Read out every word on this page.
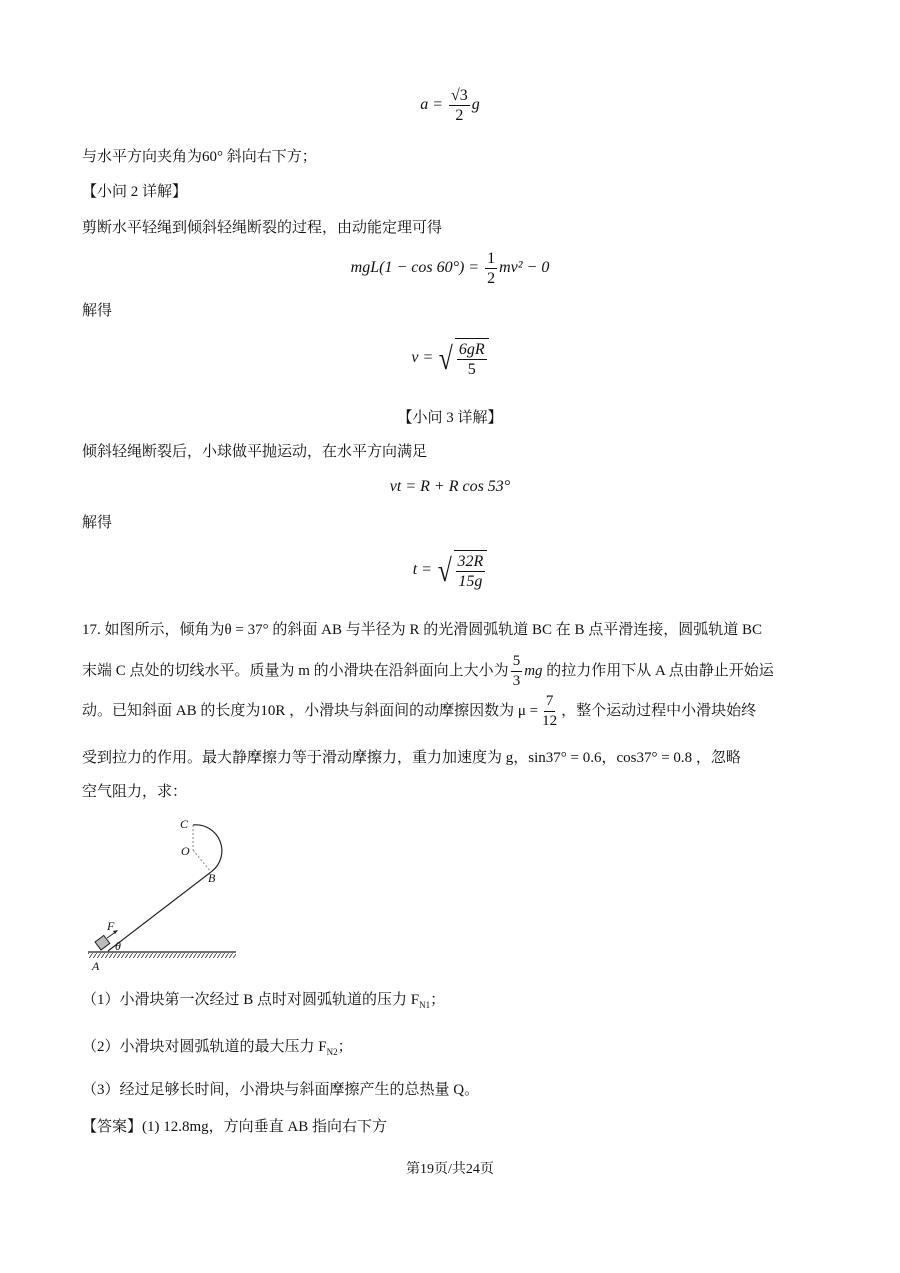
$a = \frac{√3}{2}$ g
与水平方向夹角为60° 斜向右下方；
【小问 2 详解】
剪断水平轻绳到倾斜轻绳断裂的过程，由动能定理可得
$mgL(1 - \cos 60^\circ) = \frac{1}{2} mv^2 - 0$
解得
v = √ $\frac{6gR}{5}$
【小问 3 详解】
倾斜轻绳断裂后，小球做平抛运动，在水平方向满足
vt = R + R cos 53°
解得
t = √ $\frac{32R}{15g}$
17. 如图所示，倾角为θ = 37° 的斜面 AB 与半径为 R 的光滑圆弧轨道 BC 在 B 点平滑连接，圆弧轨道 BC
末端 C 点处的切线水平。质量为 m 的小滑块在沿斜面向上大小为 $\frac{5}{3}$ mg 的拉力作用下从 A 点由静止开始运
动。已知斜面 AB 的长度为10R ，小滑块与斜面间的动摩擦因数为 $\mu = \frac{7}{12}$ ，整个运动过程中小滑块始终
受到拉力的作用。最大静摩擦力等于滑动摩擦力，重力加速度为 g，sin37° = 0.6，cos37° = 0.8 ，忽略
空气阻力，求：
C
O
B
F
θ
A
（1）小滑块第一次经过 B 点时对圆弧轨道的压力 $F_{N1}$；
（2）小滑块对圆弧轨道的最大压力 $F_{N2}$；
（3）经过足够长时间，小滑块与斜面摩擦产生的总热量 Q。
【答案】(1) 12.8mg，方向垂直 AB 指向右下方
第19页/共24页
